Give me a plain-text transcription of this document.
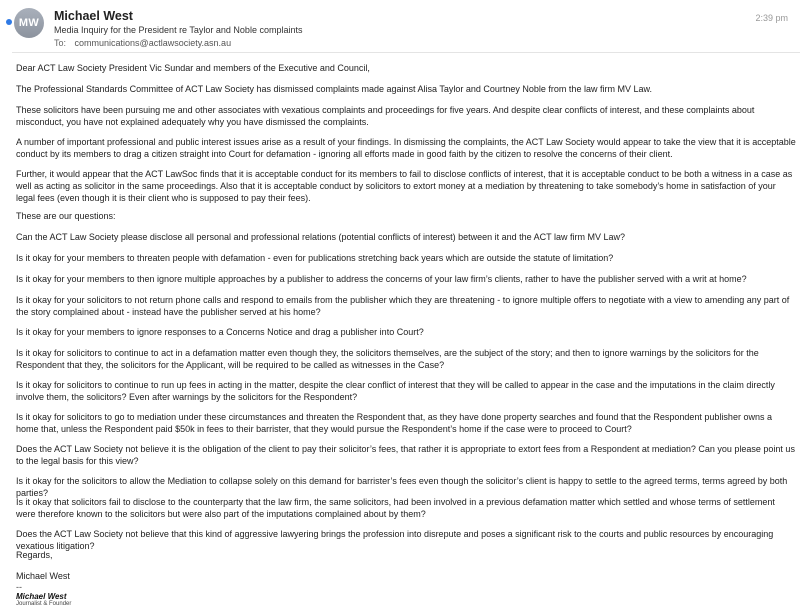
MW	Michael West
Media Inquiry for the President re Taylor and Noble complaints
To: communications@actlawsociety.asn.au
2:39 pm

Dear ACT Law Society President Vic Sundar and members of the Executive and Council,

The Professional Standards Committee of ACT Law Society has dismissed complaints made against Alisa Taylor and Courtney Noble from the law firm MV Law.

These solicitors have been pursuing me and other associates with vexatious complaints and proceedings for five years. And despite clear conflicts of interest, and these complaints about misconduct, you have not explained adequately why you have dismissed the complaints.

A number of important professional and public interest issues arise as a result of your findings. In dismissing the complaints, the ACT Law Society would appear to take the view that it is acceptable conduct by its members to drag a citizen straight into Court for defamation - ignoring all efforts made in good faith by the citizen to resolve the concerns of their client.

Further, it would appear that the ACT LawSoc finds that it is acceptable conduct for its members to fail to disclose conflicts of interest, that it is acceptable conduct to be both a witness in a case as well as acting as solicitor in the same proceedings. Also that it is acceptable conduct by solicitors to extort money at a mediation by threatening to take somebody’s home in satisfaction of your legal fees (even though it is their client who is supposed to pay their fees).

These are our questions:

Can the ACT Law Society please disclose all personal and professional relations (potential conflicts of interest) between it and the ACT law firm MV Law?

Is it okay for your members to threaten people with defamation - even for publications stretching back years which are outside the statute of limitation?

Is it okay for your members to then ignore multiple approaches by a publisher to address the concerns of your law firm’s clients, rather to have the publisher served with a writ at home?

Is it okay for your solicitors to not return phone calls and respond to emails from the publisher which they are threatening - to ignore multiple offers to negotiate with a view to amending any part of the story complained about - instead have the publisher served at his home?

Is it okay for your members to ignore responses to a Concerns Notice and drag a publisher into Court?

Is it okay for solicitors to continue to act in a defamation matter even though they, the solicitors themselves, are the subject of the story; and then to ignore warnings by the solicitors for the Respondent that they, the solicitors for the Applicant, will be required to be called as witnesses in the Case?

Is it okay for solicitors to continue to run up fees in acting in the matter, despite the clear conflict of interest that they will be called to appear in the case and the imputations in the claim directly involve them, the solicitors? Even after warnings by the solicitors for the Respondent?

Is it okay for solicitors to go to mediation under these circumstances and threaten the Respondent that, as they have done property searches and found that the Respondent publisher owns a home that, unless the Respondent paid $50k in fees to their barrister, that they would pursue the Respondent’s home if the case were to proceed to Court?

Does the ACT Law Society not believe it is the obligation of the client to pay their solicitor’s fees, that rather it is appropriate to extort fees from a Respondent at mediation? Can you please point us to the legal basis for this view?

Is it okay for the solicitors to allow the Mediation to collapse solely on this demand for barrister’s fees even though the solicitor’s client is happy to settle to the agreed terms, terms agreed by both parties?

Is it okay that solicitors fail to disclose to the counterparty that the law firm, the same solicitors, had been involved in a previous defamation matter which settled and whose terms of settlement were therefore known to the solicitors but were also part of the imputations complained about by them?

Does the ACT Law Society not believe that this kind of aggressive lawyering brings the profession into disrepute and poses a significant risk to the courts and public resources by encouraging vexatious litigation?

Regards,

Michael West

--
Michael West
Journalist & Founder
